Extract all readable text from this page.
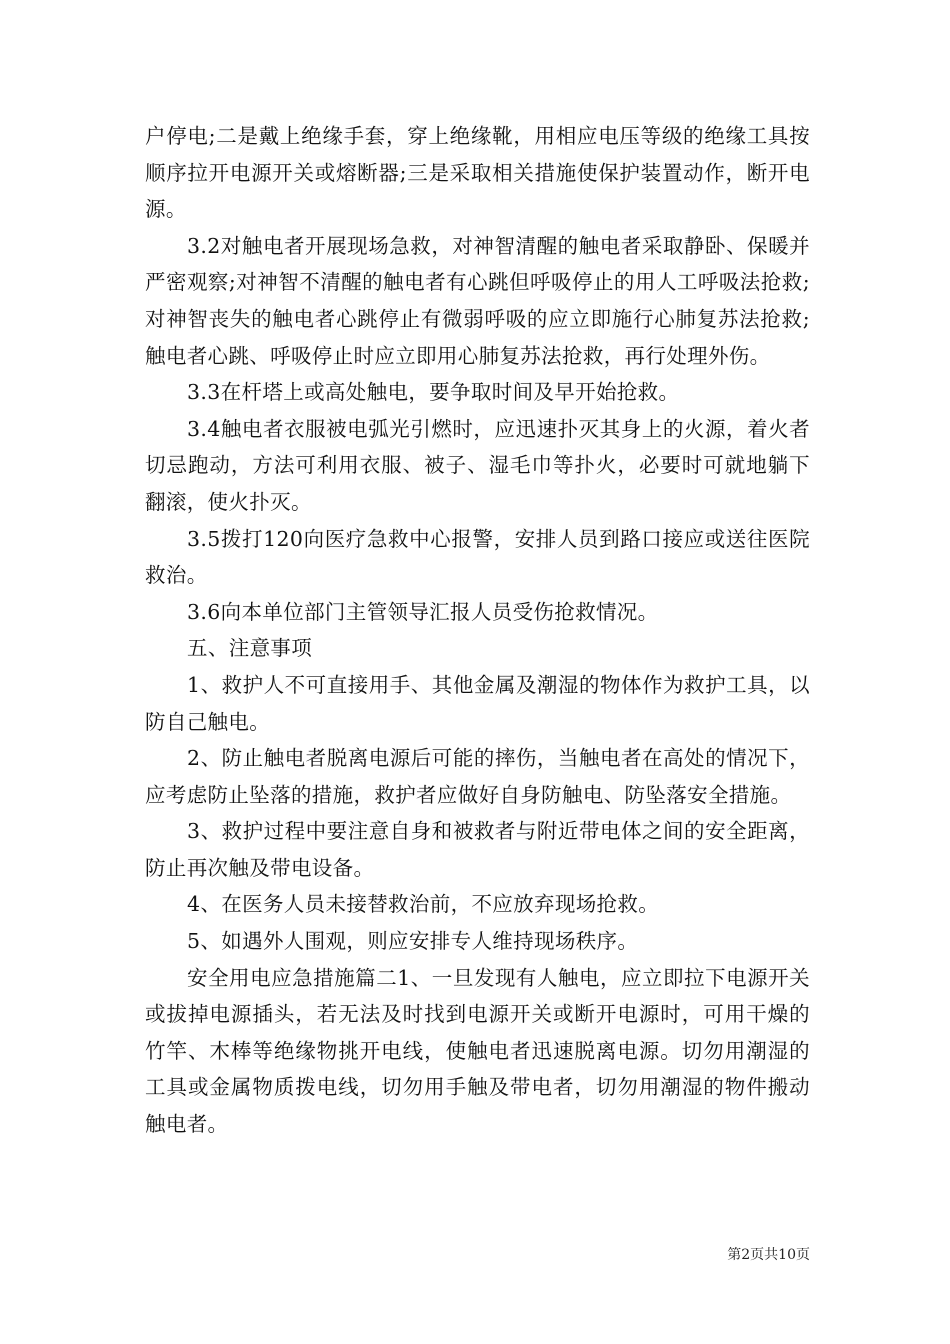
户停电;二是戴上绝缘手套，穿上绝缘靴，用相应电压等级的绝缘工具按顺序拉开电源开关或熔断器;三是采取相关措施使保护装置动作，断开电源。

3.2对触电者开展现场急救，对神智清醒的触电者采取静卧、保暖并严密观察;对神智不清醒的触电者有心跳但呼吸停止的用人工呼吸法抢救;对神智丧失的触电者心跳停止有微弱呼吸的应立即施行心肺复苏法抢救;触电者心跳、呼吸停止时应立即用心肺复苏法抢救，再行处理外伤。

3.3在杆塔上或高处触电，要争取时间及早开始抢救。

3.4触电者衣服被电弧光引燃时，应迅速扑灭其身上的火源，着火者切忌跑动，方法可利用衣服、被子、湿毛巾等扑火，必要时可就地躺下翻滚，使火扑灭。

3.5拨打120向医疗急救中心报警，安排人员到路口接应或送往医院救治。

3.6向本单位部门主管领导汇报人员受伤抢救情况。

五、注意事项

1、救护人不可直接用手、其他金属及潮湿的物体作为救护工具，以防自己触电。

2、防止触电者脱离电源后可能的摔伤，当触电者在高处的情况下，应考虑防止坠落的措施，救护者应做好自身防触电、防坠落安全措施。

3、救护过程中要注意自身和被救者与附近带电体之间的安全距离，防止再次触及带电设备。

4、在医务人员未接替救治前，不应放弃现场抢救。

5、如遇外人围观，则应安排专人维持现场秩序。

安全用电应急措施篇二1、一旦发现有人触电，应立即拉下电源开关或拔掉电源插头，若无法及时找到电源开关或断开电源时，可用干燥的竹竿、木棒等绝缘物挑开电线，使触电者迅速脱离电源。切勿用潮湿的工具或金属物质拨电线，切勿用手触及带电者，切勿用潮湿的物件搬动触电者。

第2页共10页
